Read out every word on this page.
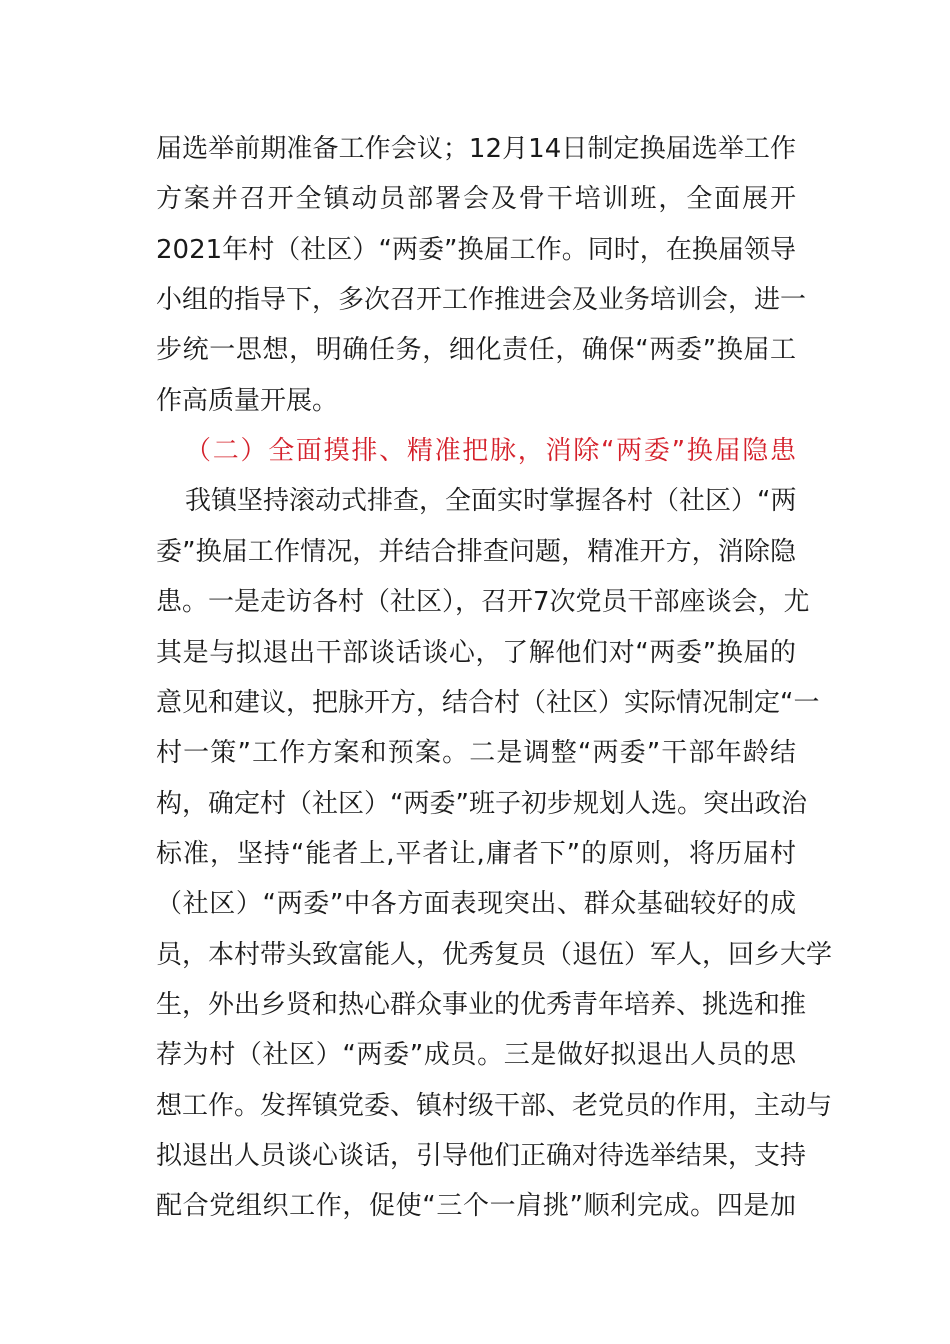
届选举前期准备工作会议；12月14日制定换届选举工作
方案并召开全镇动员部署会及骨干培训班，全面展开
2021年村（社区）“两委”换届工作。同时，在换届领导
小组的指导下，多次召开工作推进会及业务培训会，进一
步统一思想，明确任务，细化责任，确保“两委”换届工
作高质量开展。
（二）全面摸排、精准把脉，消除“两委”换届隐患
我镇坚持滚动式排查，全面实时掌握各村（社区）“两
委”换届工作情况，并结合排查问题，精准开方，消除隐
患。一是走访各村（社区），召开7次党员干部座谈会，尤
其是与拟退出干部谈话谈心，了解他们对“两委”换届的
意见和建议，把脉开方，结合村（社区）实际情况制定“一
村一策”工作方案和预案。二是调整“两委”干部年龄结
构，确定村（社区）“两委”班子初步规划人选。突出政治
标准，坚持“能者上,平者让,庸者下”的原则，将历届村
（社区）“两委”中各方面表现突出、群众基础较好的成
员，本村带头致富能人，优秀复员（退伍）军人，回乡大学
生，外出乡贤和热心群众事业的优秀青年培养、挑选和推
荐为村（社区）“两委”成员。三是做好拟退出人员的思
想工作。发挥镇党委、镇村级干部、老党员的作用，主动与
拟退出人员谈心谈话，引导他们正确对待选举结果，支持
配合党组织工作，促使“三个一肩挑”顺利完成。四是加
